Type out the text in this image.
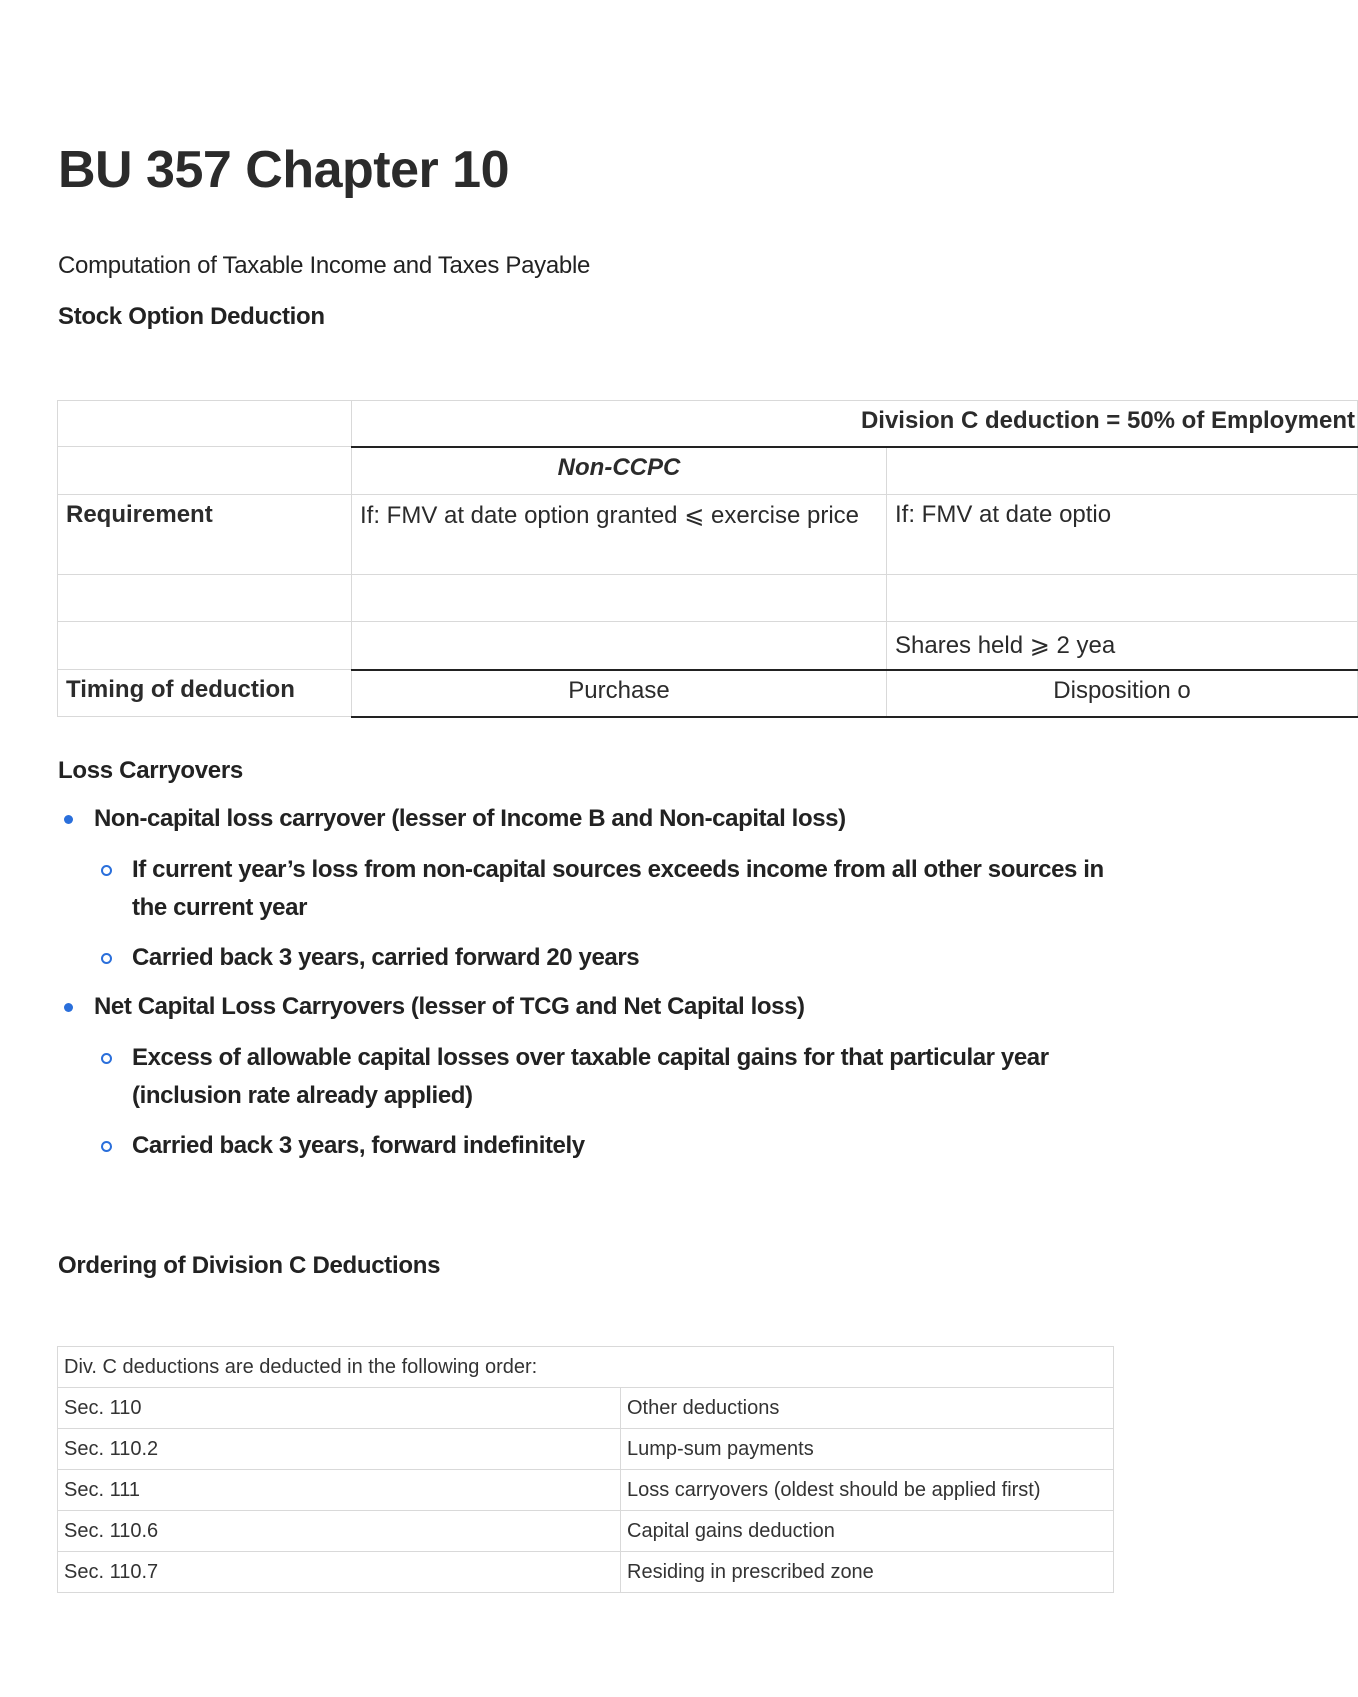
BU 357 Chapter 10
Computation of Taxable Income and Taxes Payable
Stock Option Deduction
	Division C deduction = 50% of Employment	
	Non-CCPC	
Requirement	If: FMV at date option granted ⩽ exercise price	If: FMV at date optio

		Shares held ⩾ 2 yea
Timing of deduction	Purchase	Disposition o
Loss Carryovers
Non-capital loss carryover (lesser of Income B and Non-capital loss)
If current year’s loss from non-capital sources exceeds income from all other sources in the current year
Carried back 3 years, carried forward 20 years
Net Capital Loss Carryovers (lesser of TCG and Net Capital loss)
Excess of allowable capital losses over taxable capital gains for that particular year (inclusion rate already applied)
Carried back 3 years, forward indefinitely
Ordering of Division C Deductions
Div. C deductions are deducted in the following order:	
Sec. 110	Other deductions
Sec. 110.2	Lump-sum payments
Sec. 111	Loss carryovers (oldest should be applied first)
Sec. 110.6	Capital gains deduction
Sec. 110.7	Residing in prescribed zone
